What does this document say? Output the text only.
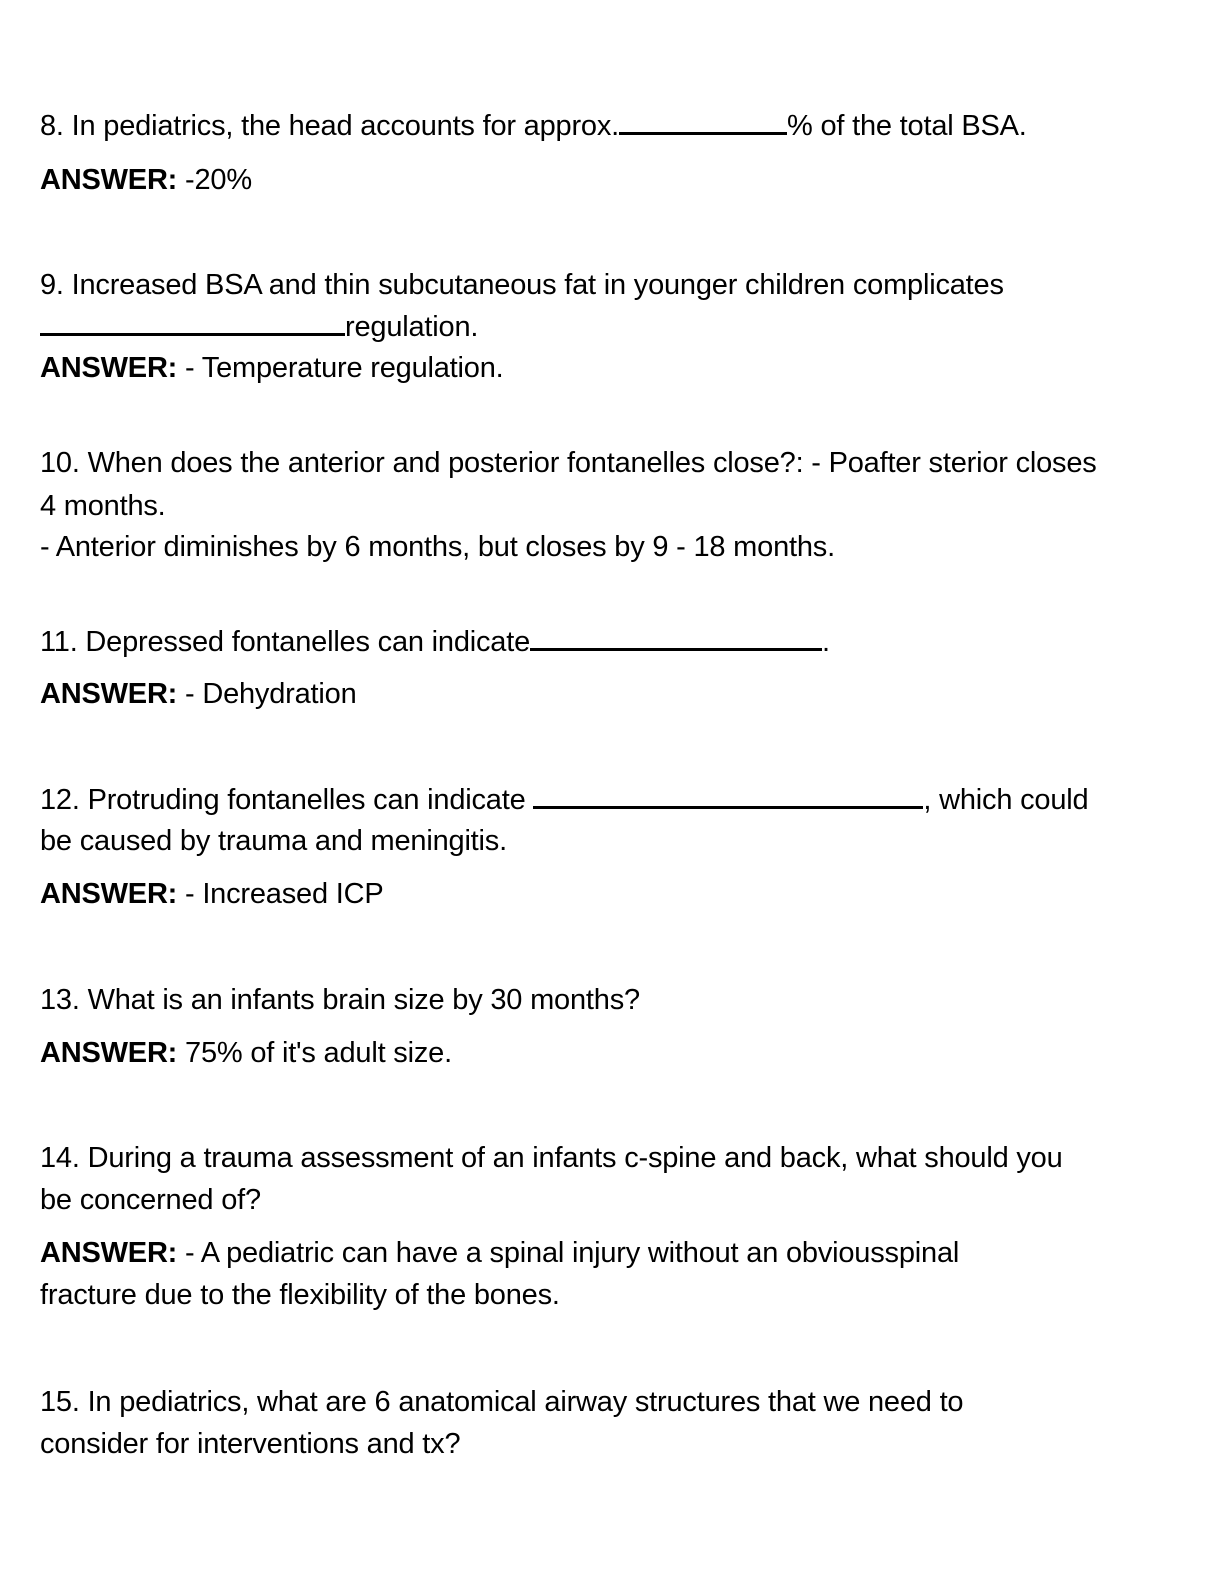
8. In pediatrics, the head accounts for approx.	% of the total BSA.
ANSWER: -20%
9. Increased BSA and thin subcutaneous fat in younger children complicates
regulation.
ANSWER: - Temperature regulation.
10. When does the anterior and posterior fontanelles close?: - Poafter sterior closes
4 months.
- Anterior diminishes by 6 months, but closes by 9 - 18 months.
11. Depressed fontanelles can indicate	.
ANSWER: - Dehydration
12. Protruding fontanelles can indicate	, which could
be caused by trauma and meningitis.
ANSWER: - Increased ICP
13. What is an infants brain size by 30 months?
ANSWER: 75% of it's adult size.
14. During a trauma assessment of an infants c-spine and back, what should you
be concerned of?
ANSWER: - A pediatric can have a spinal injury without an obviousspinal
fracture due to the flexibility of the bones.
15. In pediatrics, what are 6 anatomical airway structures that we need to
consider for interventions and tx?
